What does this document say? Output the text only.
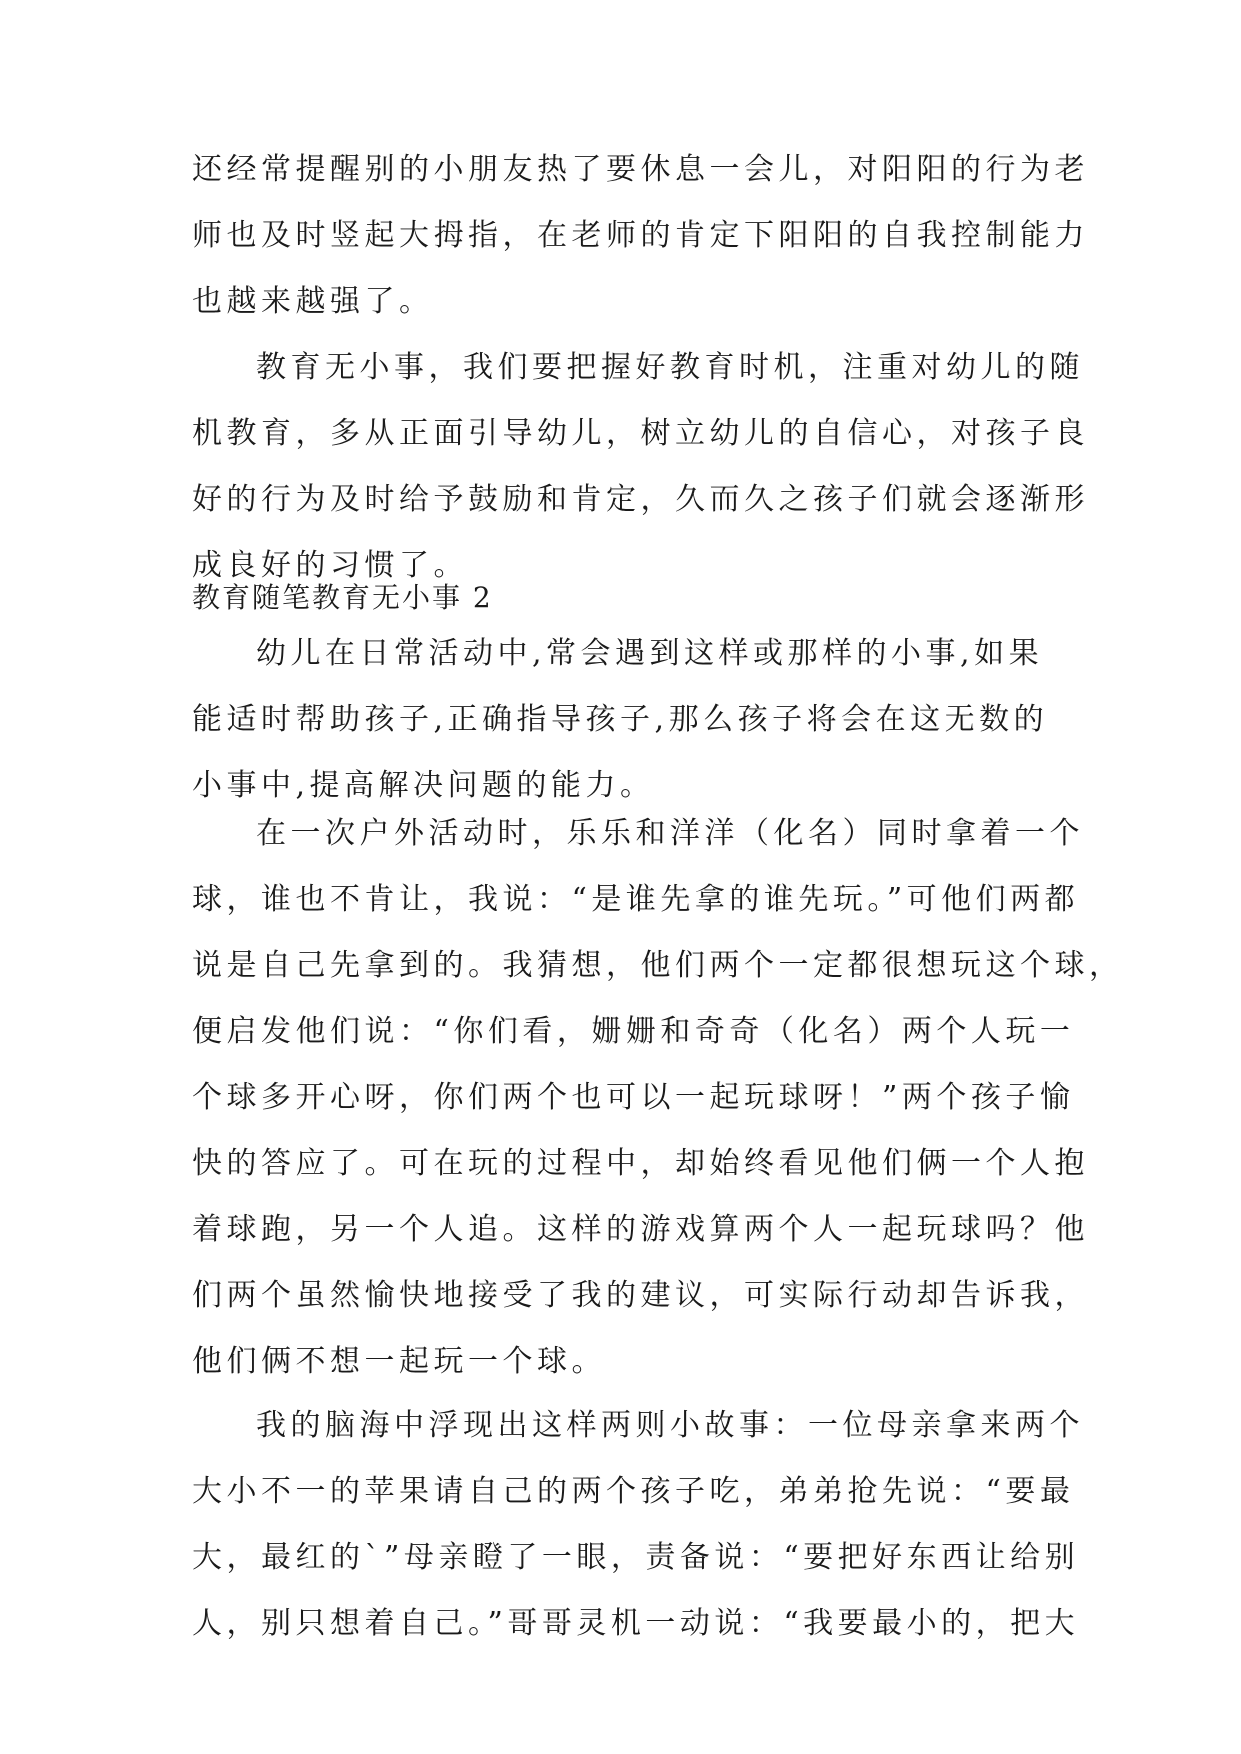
还经常提醒别的小朋友热了要休息一会儿，对阳阳的行为老
师也及时竖起大拇指，在老师的肯定下阳阳的自我控制能力
也越来越强了。
教育无小事，我们要把握好教育时机，注重对幼儿的随
机教育，多从正面引导幼儿，树立幼儿的自信心，对孩子良
好的行为及时给予鼓励和肯定，久而久之孩子们就会逐渐形
成良好的习惯了。
教育随笔教育无小事 2
幼儿在日常活动中,常会遇到这样或那样的小事,如果
能适时帮助孩子,正确指导孩子,那么孩子将会在这无数的
小事中,提高解决问题的能力。
在一次户外活动时，乐乐和洋洋（化名）同时拿着一个
球，谁也不肯让，我说：“是谁先拿的谁先玩。”可他们两都
说是自己先拿到的。我猜想，他们两个一定都很想玩这个球，
便启发他们说：“你们看，姗姗和奇奇（化名）两个人玩一
个球多开心呀，你们两个也可以一起玩球呀！”两个孩子愉
快的答应了。可在玩的过程中，却始终看见他们俩一个人抱
着球跑，另一个人追。这样的游戏算两个人一起玩球吗？他
们两个虽然愉快地接受了我的建议，可实际行动却告诉我，
他们俩不想一起玩一个球。
我的脑海中浮现出这样两则小故事：一位母亲拿来两个
大小不一的苹果请自己的两个孩子吃，弟弟抢先说：“要最
大，最红的`”母亲瞪了一眼，责备说：“要把好东西让给别
人，别只想着自己。”哥哥灵机一动说：“我要最小的，把大
